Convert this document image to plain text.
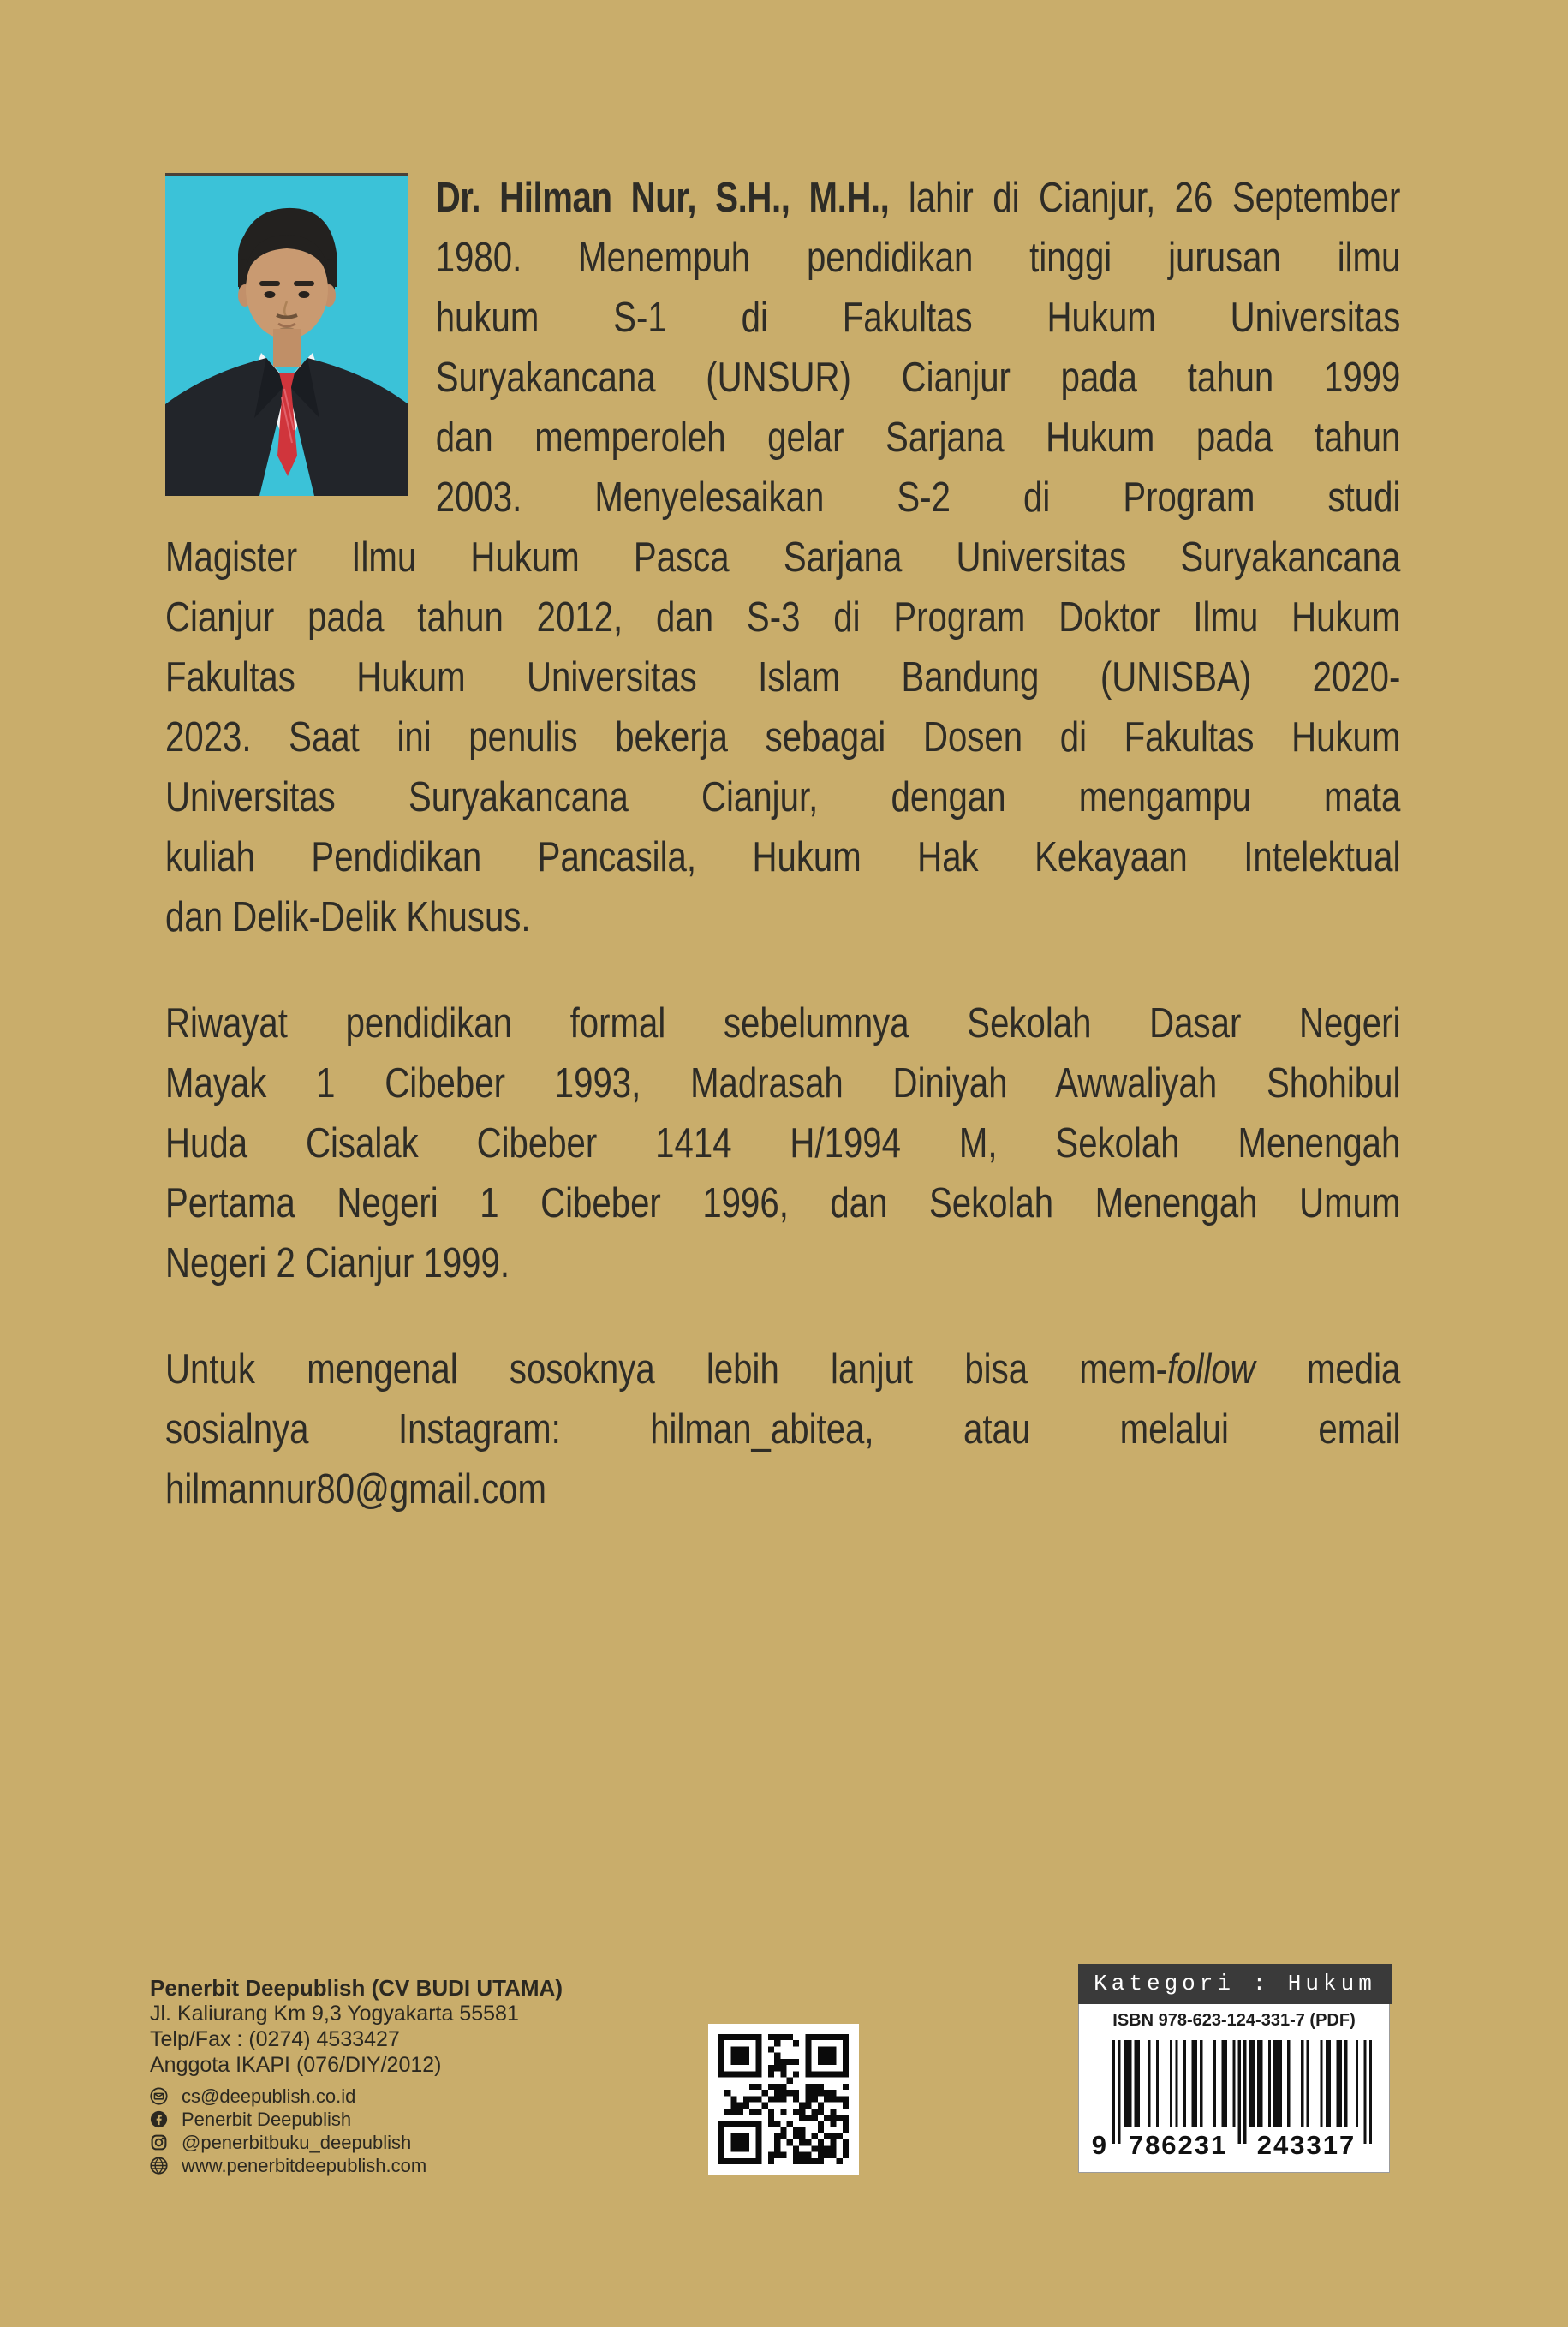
Dr. Hilman Nur, S.H., M.H., lahir di Cianjur, 26 September
1980. Menempuh pendidikan tinggi jurusan ilmu
hukum S-1 di Fakultas Hukum Universitas
Suryakancana (UNSUR) Cianjur pada tahun 1999
dan memperoleh gelar Sarjana Hukum pada tahun
2003. Menyelesaikan S-2 di Program studi
Magister Ilmu Hukum Pasca Sarjana Universitas Suryakancana
Cianjur pada tahun 2012, dan S-3 di Program Doktor Ilmu Hukum
Fakultas Hukum Universitas Islam Bandung (UNISBA) 2020-
2023. Saat ini penulis bekerja sebagai Dosen di Fakultas Hukum
Universitas Suryakancana Cianjur, dengan mengampu mata
kuliah Pendidikan Pancasila, Hukum Hak Kekayaan Intelektual
dan Delik-Delik Khusus.
Riwayat pendidikan formal sebelumnya Sekolah Dasar Negeri
Mayak 1 Cibeber 1993, Madrasah Diniyah Awwaliyah Shohibul
Huda Cisalak Cibeber 1414 H/1994 M, Sekolah Menengah
Pertama Negeri 1 Cibeber 1996, dan Sekolah Menengah Umum
Negeri 2 Cianjur 1999.
Untuk mengenal sosoknya lebih lanjut bisa mem-follow media
sosialnya Instagram: hilman_abitea, atau melalui email
hilmannur80@gmail.com
Penerbit Deepublish (CV BUDI UTAMA)
Jl. Kaliurang Km 9,3 Yogyakarta 55581
Telp/Fax : (0274) 4533427
Anggota IKAPI (076/DIY/2012)
cs@deepublish.co.id
Penerbit Deepublish
@penerbitbuku_deepublish
www.penerbitdeepublish.com
Kategori : Hukum
ISBN 978-623-124-331-7 (PDF)
9 786231 243317
